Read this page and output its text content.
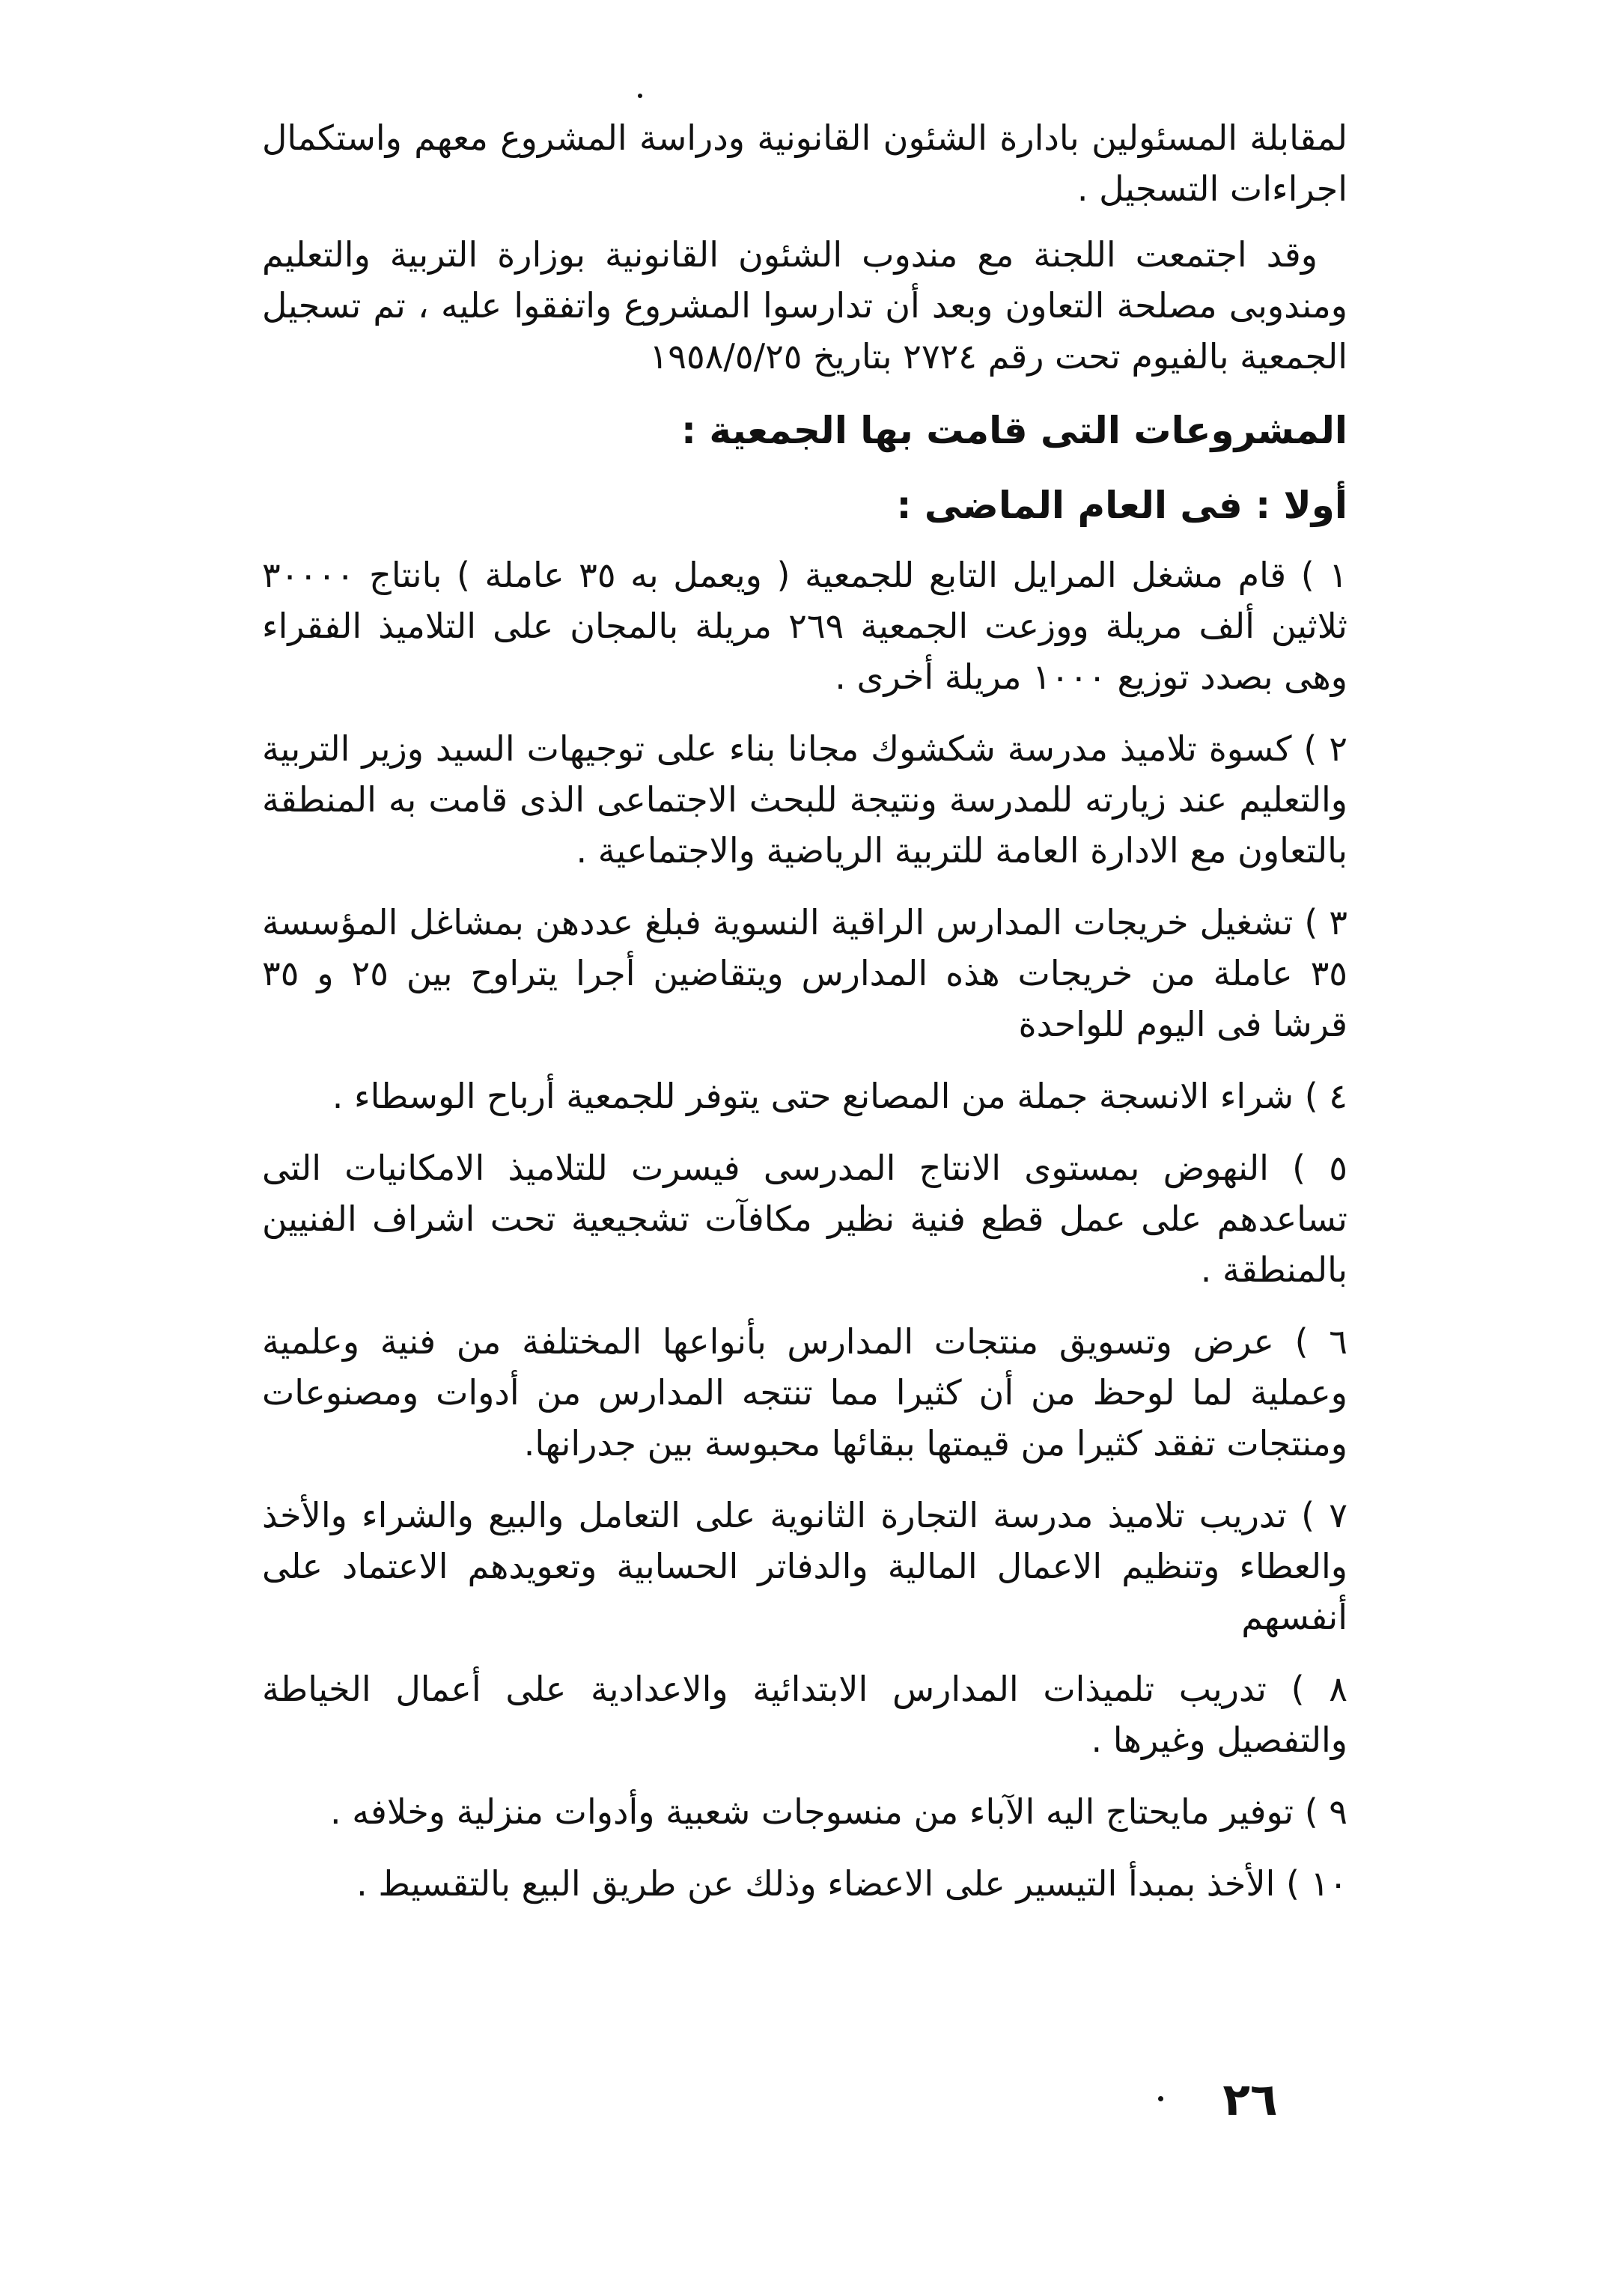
لمقابلة المسئولين بادارة الشئون القانونية ودراسة المشروع معهم واستكمال اجراءات التسجيل .

وقد اجتمعت اللجنة مع مندوب الشئون القانونية بوزارة التربية والتعليم ومندوبى مصلحة التعاون وبعد أن تدارسوا المشروع واتفقوا عليه ، تم تسجيل الجمعية بالفيوم تحت رقم ٢٧٢٤ بتاريخ ١٩٥٨/٥/٢٥

المشروعات التى قامت بها الجمعية :
أولا : فى العام الماضى :

١ ) قام مشغل المرايل التابع للجمعية ( ويعمل به ٣٥ عاملة ) بانتاج ٣٠٠٠٠ ثلاثين ألف مريلة ووزعت الجمعية ٢٦٩ مريلة بالمجان على التلاميذ الفقراء وهى بصدد توزيع ١٠٠٠ مريلة أخرى .

٢ ) كسوة تلاميذ مدرسة شكشوك مجانا بناء على توجيهات السيد وزير التربية والتعليم عند زيارته للمدرسة ونتيجة للبحث الاجتماعى الذى قامت به المنطقة بالتعاون مع الادارة العامة للتربية الرياضية والاجتماعية .

٣ ) تشغيل خريجات المدارس الراقية النسوية فبلغ عددهن بمشاغل المؤسسة ٣٥ عاملة من خريجات هذه المدارس ويتقاضين أجرا يتراوح بين ٢٥ و ٣٥ قرشا فى اليوم للواحدة

٤ ) شراء الانسجة جملة من المصانع حتى يتوفر للجمعية أرباح الوسطاء .

٥ ) النهوض بمستوى الانتاج المدرسى فيسرت للتلاميذ الامكانيات التى تساعدهم على عمل قطع فنية نظير مكافآت تشجيعية تحت اشراف الفنيين بالمنطقة .

٦ ) عرض وتسويق منتجات المدارس بأنواعها المختلفة من فنية وعلمية وعملية لما لوحظ من أن كثيرا مما تنتجه المدارس من أدوات ومصنوعات ومنتجات تفقد كثيرا من قيمتها ببقائها محبوسة بين جدرانها.

٧ ) تدريب تلاميذ مدرسة التجارة الثانوية على التعامل والبيع والشراء والأخذ والعطاء وتنظيم الاعمال المالية والدفاتر الحسابية وتعويدهم الاعتماد على أنفسهم

٨ ) تدريب تلميذات المدارس الابتدائية والاعدادية على أعمال الخياطة والتفصيل وغيرها .

٩ ) توفير مايحتاج اليه الآباء من منسوجات شعبية وأدوات منزلية وخلافه .

١٠ ) الأخذ بمبدأ التيسير على الاعضاء وذلك عن طريق البيع بالتقسيط .

٢٦
